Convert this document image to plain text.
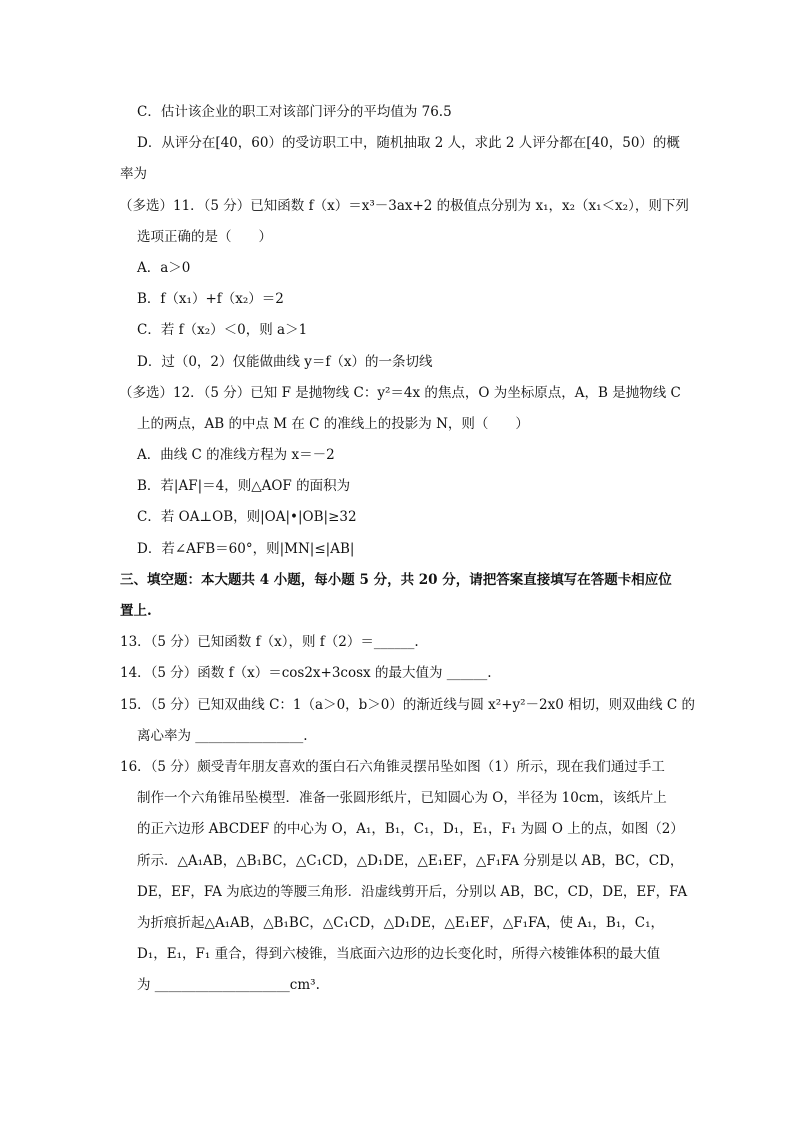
C．估计该企业的职工对该部门评分的平均值为 76.5
D．从评分在[40，60）的受访职工中，随机抽取 2 人，求此 2 人评分都在[40，50）的概
率为
（多选）11．（5 分）已知函数 f（x）＝x³－3ax+2 的极值点分别为 x₁，x₂（x₁＜x₂），则下列
选项正确的是（　　）
A．a＞0
B．f（x₁）+f（x₂）＝2
C．若 f（x₂）＜0，则 a＞1
D．过（0，2）仅能做曲线 y＝f（x）的一条切线
（多选）12．（5 分）已知 F 是抛物线 C：y²＝4x 的焦点，O 为坐标原点，A，B 是抛物线 C
上的两点，AB 的中点 M 在 C 的准线上的投影为 N，则（　　）
A．曲线 C 的准线方程为 x＝－2
B．若|AF|＝4，则△AOF 的面积为
C．若 OA⊥OB，则|OA|•|OB|≥32
D．若∠AFB＝60°，则|MN|≤|AB|
三、填空题：本大题共 4 小题，每小题 5 分，共 20 分，请把答案直接填写在答题卡相应位
置上.
13．（5 分）已知函数 f（x），则 f（2）＝______.
14．（5 分）函数 f（x）＝cos2x+3cosx 的最大值为 ______.
15．（5 分）已知双曲线 C：1（a＞0，b＞0）的渐近线与圆 x²+y²－2x0 相切，则双曲线 C 的
离心率为 ________________.
16．（5 分）颇受青年朋友喜欢的蛋白石六角锥灵摆吊坠如图（1）所示，现在我们通过手工
制作一个六角锥吊坠模型．准备一张圆形纸片，已知圆心为 O，半径为 10cm，该纸片上
的正六边形 ABCDEF 的中心为 O，A₁，B₁，C₁，D₁，E₁，F₁ 为圆 O 上的点，如图（2）
所示．△A₁AB，△B₁BC，△C₁CD，△D₁DE，△E₁EF，△F₁FA 分别是以 AB，BC，CD，
DE，EF，FA 为底边的等腰三角形．沿虚线剪开后，分别以 AB，BC，CD，DE，EF，FA
为折痕折起△A₁AB，△B₁BC，△C₁CD，△D₁DE，△E₁EF，△F₁FA，使 A₁，B₁，C₁，
D₁，E₁，F₁ 重合，得到六棱锥，当底面六边形的边长变化时，所得六棱锥体积的最大值
为 ____________________cm³.
